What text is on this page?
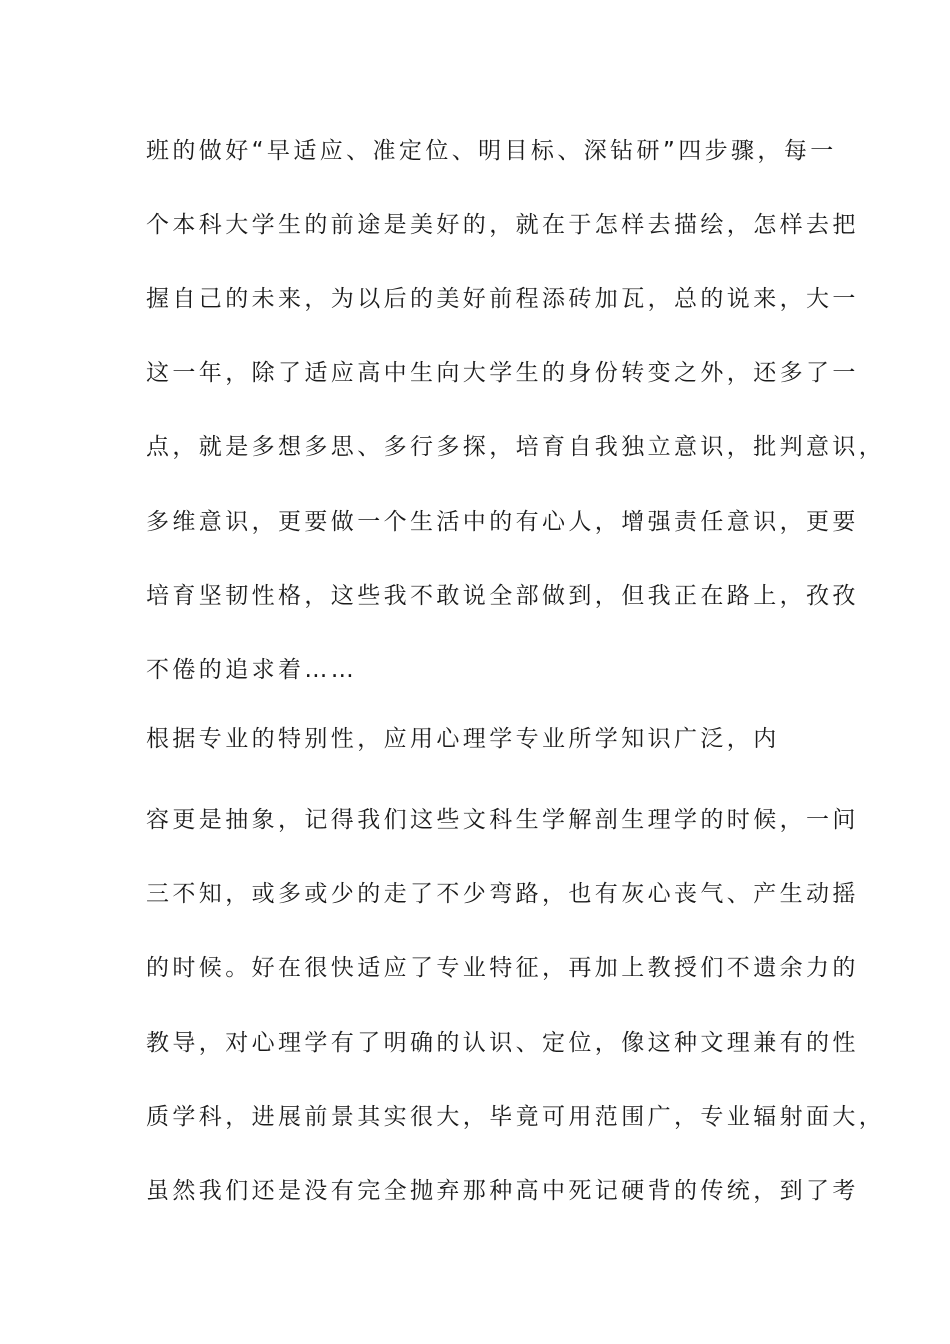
班的做好“早适应、准定位、明目标、深钻研”四步骤，每一
个本科大学生的前途是美好的，就在于怎样去描绘，怎样去把
握自己的未来，为以后的美好前程添砖加瓦，总的说来，大一
这一年，除了适应高中生向大学生的身份转变之外，还多了一
点，就是多想多思、多行多探，培育自我独立意识，批判意识，
多维意识，更要做一个生活中的有心人，增强责任意识，更要
培育坚韧性格，这些我不敢说全部做到，但我正在路上，孜孜
不倦的追求着……
根据专业的特别性，应用心理学专业所学知识广泛，内
容更是抽象，记得我们这些文科生学解剖生理学的时候，一问
三不知，或多或少的走了不少弯路，也有灰心丧气、产生动摇
的时候。好在很快适应了专业特征，再加上教授们不遗余力的
教导，对心理学有了明确的认识、定位，像这种文理兼有的性
质学科，进展前景其实很大，毕竟可用范围广，专业辐射面大，
虽然我们还是没有完全抛弃那种高中死记硬背的传统，到了考
